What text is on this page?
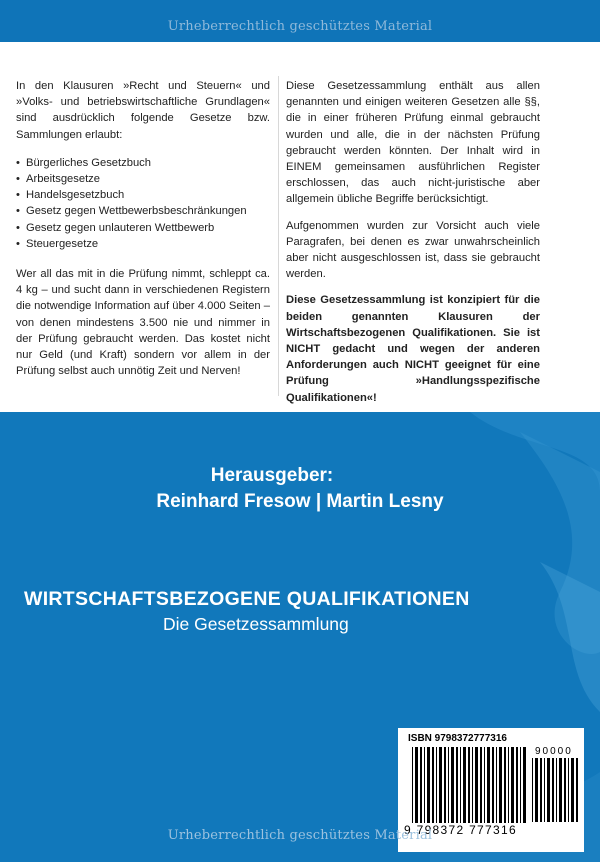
Urheberrechtlich geschütztes Material

In den Klausuren »Recht und Steuern« und »Volks- und betriebswirtschaftliche Grundlagen« sind ausdrücklich folgende Gesetze bzw. Sammlungen erlaubt:

• Bürgerliches Gesetzbuch
• Arbeitsgesetze
• Handelsgesetzbuch
• Gesetz gegen Wettbewerbsbeschränkungen
• Gesetz gegen unlauteren Wettbewerb
• Steuergesetze

Wer all das mit in die Prüfung nimmt, schleppt ca. 4 kg – und sucht dann in verschiedenen Registern die notwendige Information auf über 4.000 Seiten – von denen mindestens 3.500 nie und nimmer in der Prüfung gebraucht werden. Das kostet nicht nur Geld (und Kraft) sondern vor allem in der Prüfung selbst auch unnötig Zeit und Nerven!

Diese Gesetzessammlung enthält aus allen genannten und einigen weiteren Gesetzen alle §§, die in einer früheren Prüfung einmal gebraucht wurden und alle, die in der nächsten Prüfung gebraucht werden könnten. Der Inhalt wird in EINEM gemeinsamen ausführlichen Register erschlossen, das auch nicht-juristische aber allgemein übliche Begriffe berücksichtigt.

Aufgenommen wurden zur Vorsicht auch viele Paragrafen, bei denen es zwar unwahrscheinlich aber nicht ausgeschlossen ist, dass sie gebraucht werden.

Diese Gesetzessammlung ist konzipiert für die beiden genannten Klausuren der Wirtschaftsbezogenen Qualifikationen. Sie ist NICHT gedacht und wegen der anderen Anforderungen auch NICHT geeignet für eine Prüfung »Handlungsspezifische Qualifikationen«!

Herausgeber:
Reinhard Fresow | Martin Lesny
WIRTSCHAFTSBEZOGENE QUALIFIKATIONEN
Die Gesetzessammlung
ISBN 9798372777316
90000
9 798372 777316
Urheberrechtlich geschütztes Material
